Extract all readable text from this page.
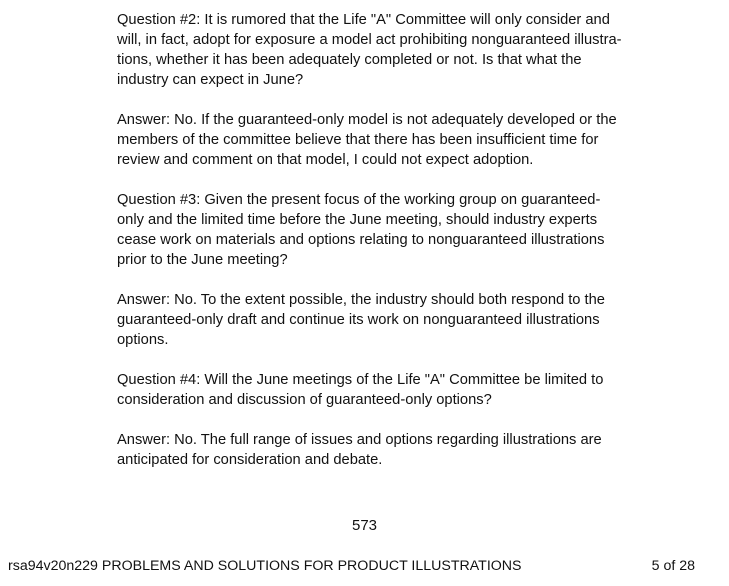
Question #2: It is rumored that the Life "A" Committee will only consider and
will, in fact, adopt for exposure a model act prohibiting nonguaranteed illustra-
tions, whether it has been adequately completed or not. Is that what the
industry can expect in June?

Answer: No. If the guaranteed-only model is not adequately developed or the
members of the committee believe that there has been insufficient time for
review and comment on that model, I could not expect adoption.

Question #3: Given the present focus of the working group on guaranteed-
only and the limited time before the June meeting, should industry experts
cease work on materials and options relating to nonguaranteed illustrations
prior to the June meeting?

Answer: No. To the extent possible, the industry should both respond to the
guaranteed-only draft and continue its work on nonguaranteed illustrations
options.

Question #4: Will the June meetings of the Life "A" Committee be limited to
consideration and discussion of guaranteed-only options?

Answer: No. The full range of issues and options regarding illustrations are
anticipated for consideration and debate.

573
rsa94v20n229 PROBLEMS AND SOLUTIONS FOR PRODUCT ILLUSTRATIONS	5 of 28
